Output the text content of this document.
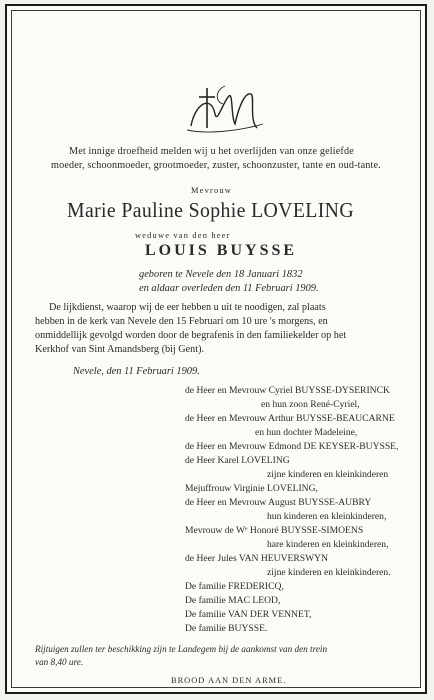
Met innige droefheid melden wij u het overlijden van onze geliefde
moeder, schoonmoeder, grootmoeder, zuster, schoonzuster, tante en oud-tante.
Mevrouw
Marie Pauline Sophie LOVELING
weduwe van den heer
LOUIS BUYSSE
geboren te Nevele den 18 Januari 1832
en aldaar overleden den 11 Februari 1909.
De lijkdienst, waarop wij de eer hebben u uit te noodigen, zal plaats
hebben in de kerk van Nevele den 15 Februari om 10 ure 's morgens, en
onmiddellijk gevolgd worden door de begrafenis in den familiekelder op het
Kerkhof van Sint Amandsberg (bij Gent).
Nevele, den 11 Februari 1909.
de Heer en Mevrouw Cyriel BUYSSE-DYSERINCK
en hun zoon René-Cyriel,
de Heer en Mevrouw Arthur BUYSSE-BEAUCARNE
en hun dochter Madeleine,
de Heer en Mevrouw Edmond DE KEYSER-BUYSSE,
de Heer Karel LOVELING
zijne kinderen en kleinkinderen
Mejuffrouw Virginie LOVELING,
de Heer en Mevrouw August BUYSSE-AUBRY
hun kinderen en kleinkinderen,
Mevrouw de Wᵉ Honoré BUYSSE-SIMOENS
hare kinderen en kleinkinderen,
de Heer Jules VAN HEUVERSWYN
zijne kinderen en kleinkinderen.
De familie FREDERICQ,
De familie MAC LEOD,
De familie VAN DER VENNET,
De familie BUYSSE.
Rijtuigen zullen ter beschikking zijn te Landegem bij de aankomst van den trein
van 8,40 ure.
BROOD AAN DEN ARME.
